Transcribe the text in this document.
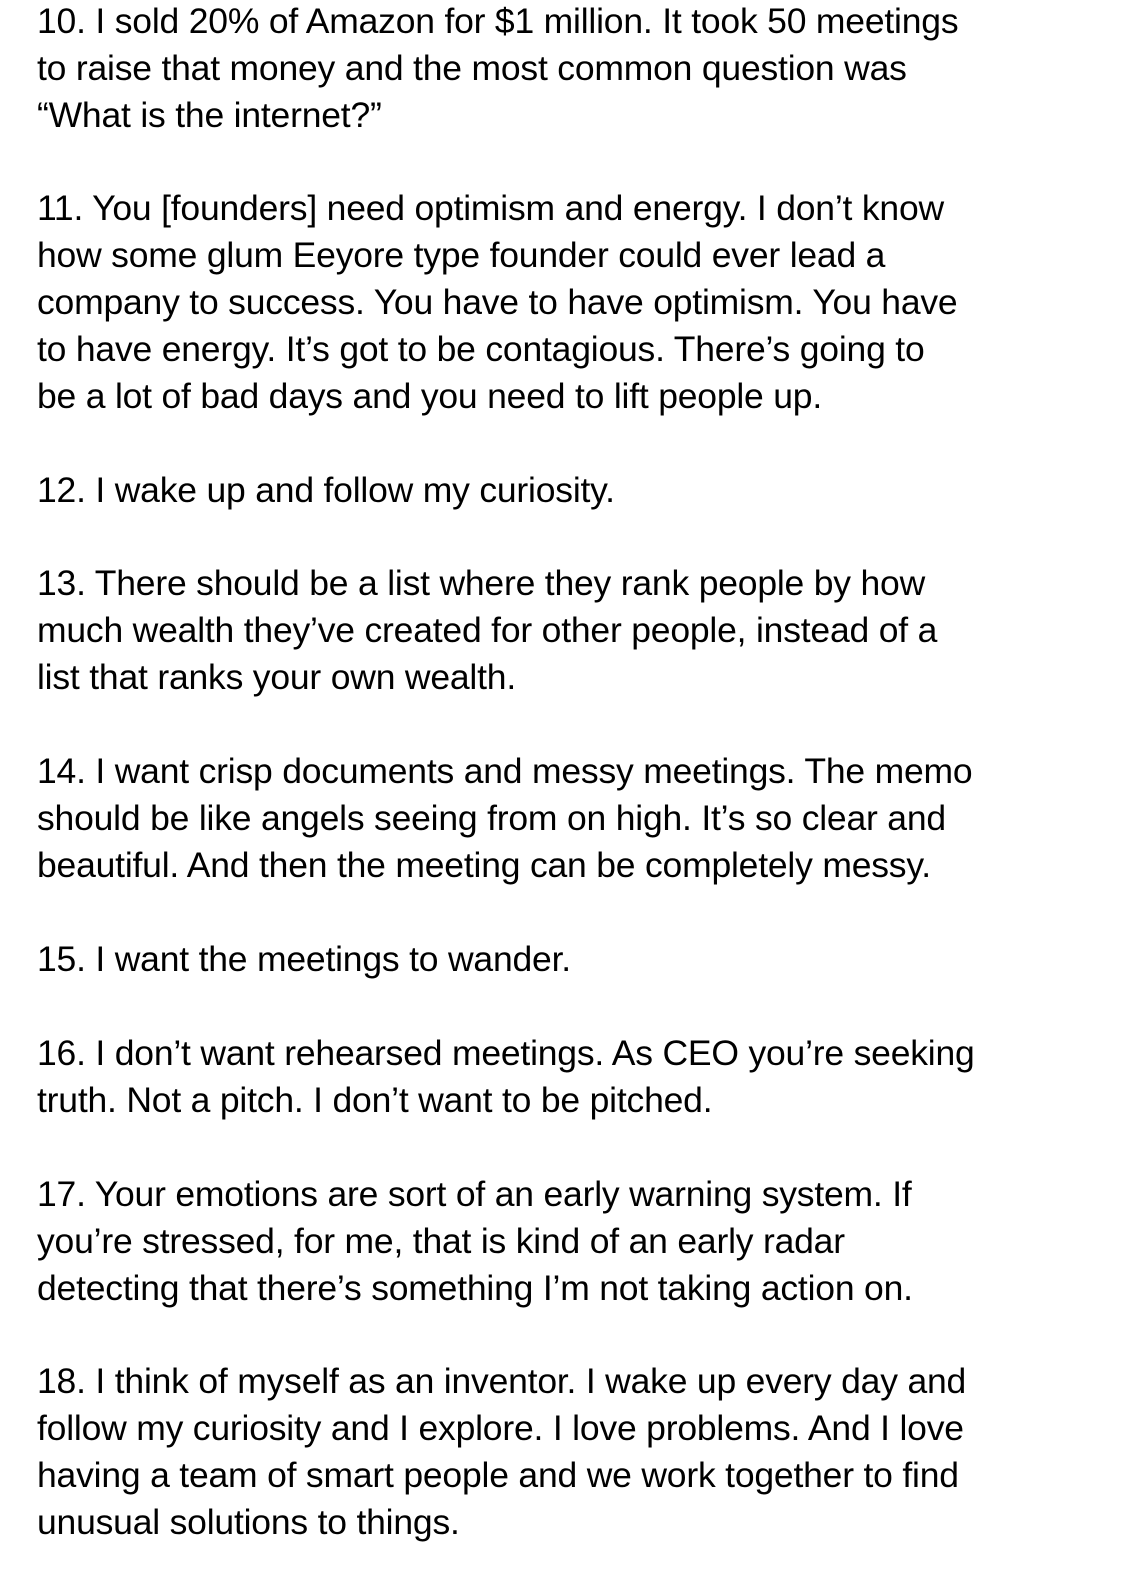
10. I sold 20% of Amazon for $1 million. It took 50 meetings
to raise that money and the most common question was
“What is the internet?”

11. You [founders] need optimism and energy. I don’t know
how some glum Eeyore type founder could ever lead a
company to success. You have to have optimism. You have
to have energy. It’s got to be contagious. There’s going to
be a lot of bad days and you need to lift people up.

12. I wake up and follow my curiosity.

13. There should be a list where they rank people by how
much wealth they’ve created for other people, instead of a
list that ranks your own wealth.

14. I want crisp documents and messy meetings. The memo
should be like angels seeing from on high. It’s so clear and
beautiful. And then the meeting can be completely messy.

15. I want the meetings to wander.

16. I don’t want rehearsed meetings. As CEO you’re seeking
truth. Not a pitch. I don’t want to be pitched.

17. Your emotions are sort of an early warning system. If
you’re stressed, for me, that is kind of an early radar
detecting that there’s something I’m not taking action on.

18. I think of myself as an inventor. I wake up every day and
follow my curiosity and I explore. I love problems. And I love
having a team of smart people and we work together to find
unusual solutions to things.
